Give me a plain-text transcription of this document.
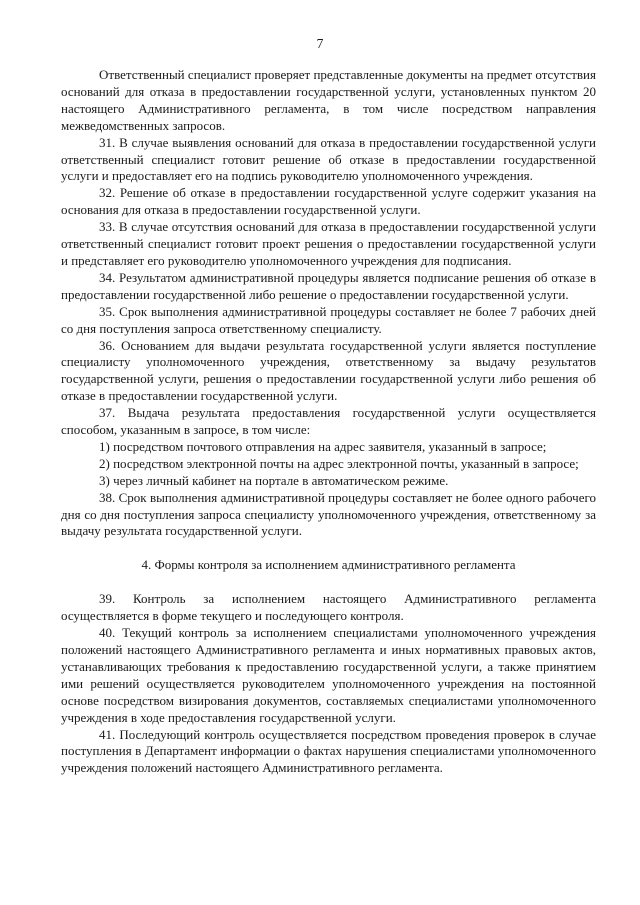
7

Ответственный специалист проверяет представленные документы на предмет отсутствия оснований для отказа в предоставлении государственной услуги, установленных пунктом 20 настоящего Административного регламента, в том числе посредством направления межведомственных запросов.

31. В случае выявления оснований для отказа в предоставлении государственной услуги ответственный специалист готовит решение об отказе в предоставлении государственной услуги и предоставляет его на подпись руководителю уполномоченного учреждения.

32. Решение об отказе в предоставлении государственной услуге содержит указания на основания для отказа в предоставлении государственной услуги.

33. В случае отсутствия оснований для отказа в предоставлении государственной услуги ответственный специалист готовит проект решения о предоставлении государственной услуги и представляет его руководителю уполномоченного учреждения для подписания.

34. Результатом административной процедуры является подписание решения об отказе в предоставлении государственной либо решение о предоставлении государственной услуги.

35. Срок выполнения административной процедуры составляет не более 7 рабочих дней со дня поступления запроса ответственному специалисту.

36. Основанием для выдачи результата государственной услуги является поступление специалисту уполномоченного учреждения, ответственному за выдачу результатов государственной услуги, решения о предоставлении государственной услуги либо решения об отказе в предоставлении государственной услуги.

37. Выдача результата предоставления государственной услуги осуществляется способом, указанным в запросе, в том числе:

1) посредством почтового отправления на адрес заявителя, указанный в запросе;

2) посредством электронной почты на адрес электронной почты, указанный в запросе;

3) через личный кабинет на портале в автоматическом режиме.

38. Срок выполнения административной процедуры составляет не более одного рабочего дня со дня поступления запроса специалисту уполномоченного учреждения, ответственному за выдачу результата государственной услуги.

4. Формы контроля за исполнением административного регламента

39. Контроль за исполнением настоящего Административного регламента осуществляется в форме текущего и последующего контроля.

40. Текущий контроль за исполнением специалистами уполномоченного учреждения положений настоящего Административного регламента и иных нормативных правовых актов, устанавливающих требования к предоставлению государственной услуги, а также принятием ими решений осуществляется руководителем уполномоченного учреждения на постоянной основе посредством визирования документов, составляемых специалистами уполномоченного учреждения в ходе предоставления государственной услуги.

41. Последующий контроль осуществляется посредством проведения проверок в случае поступления в Департамент информации о фактах нарушения специалистами уполномоченного учреждения положений настоящего Административного регламента.
